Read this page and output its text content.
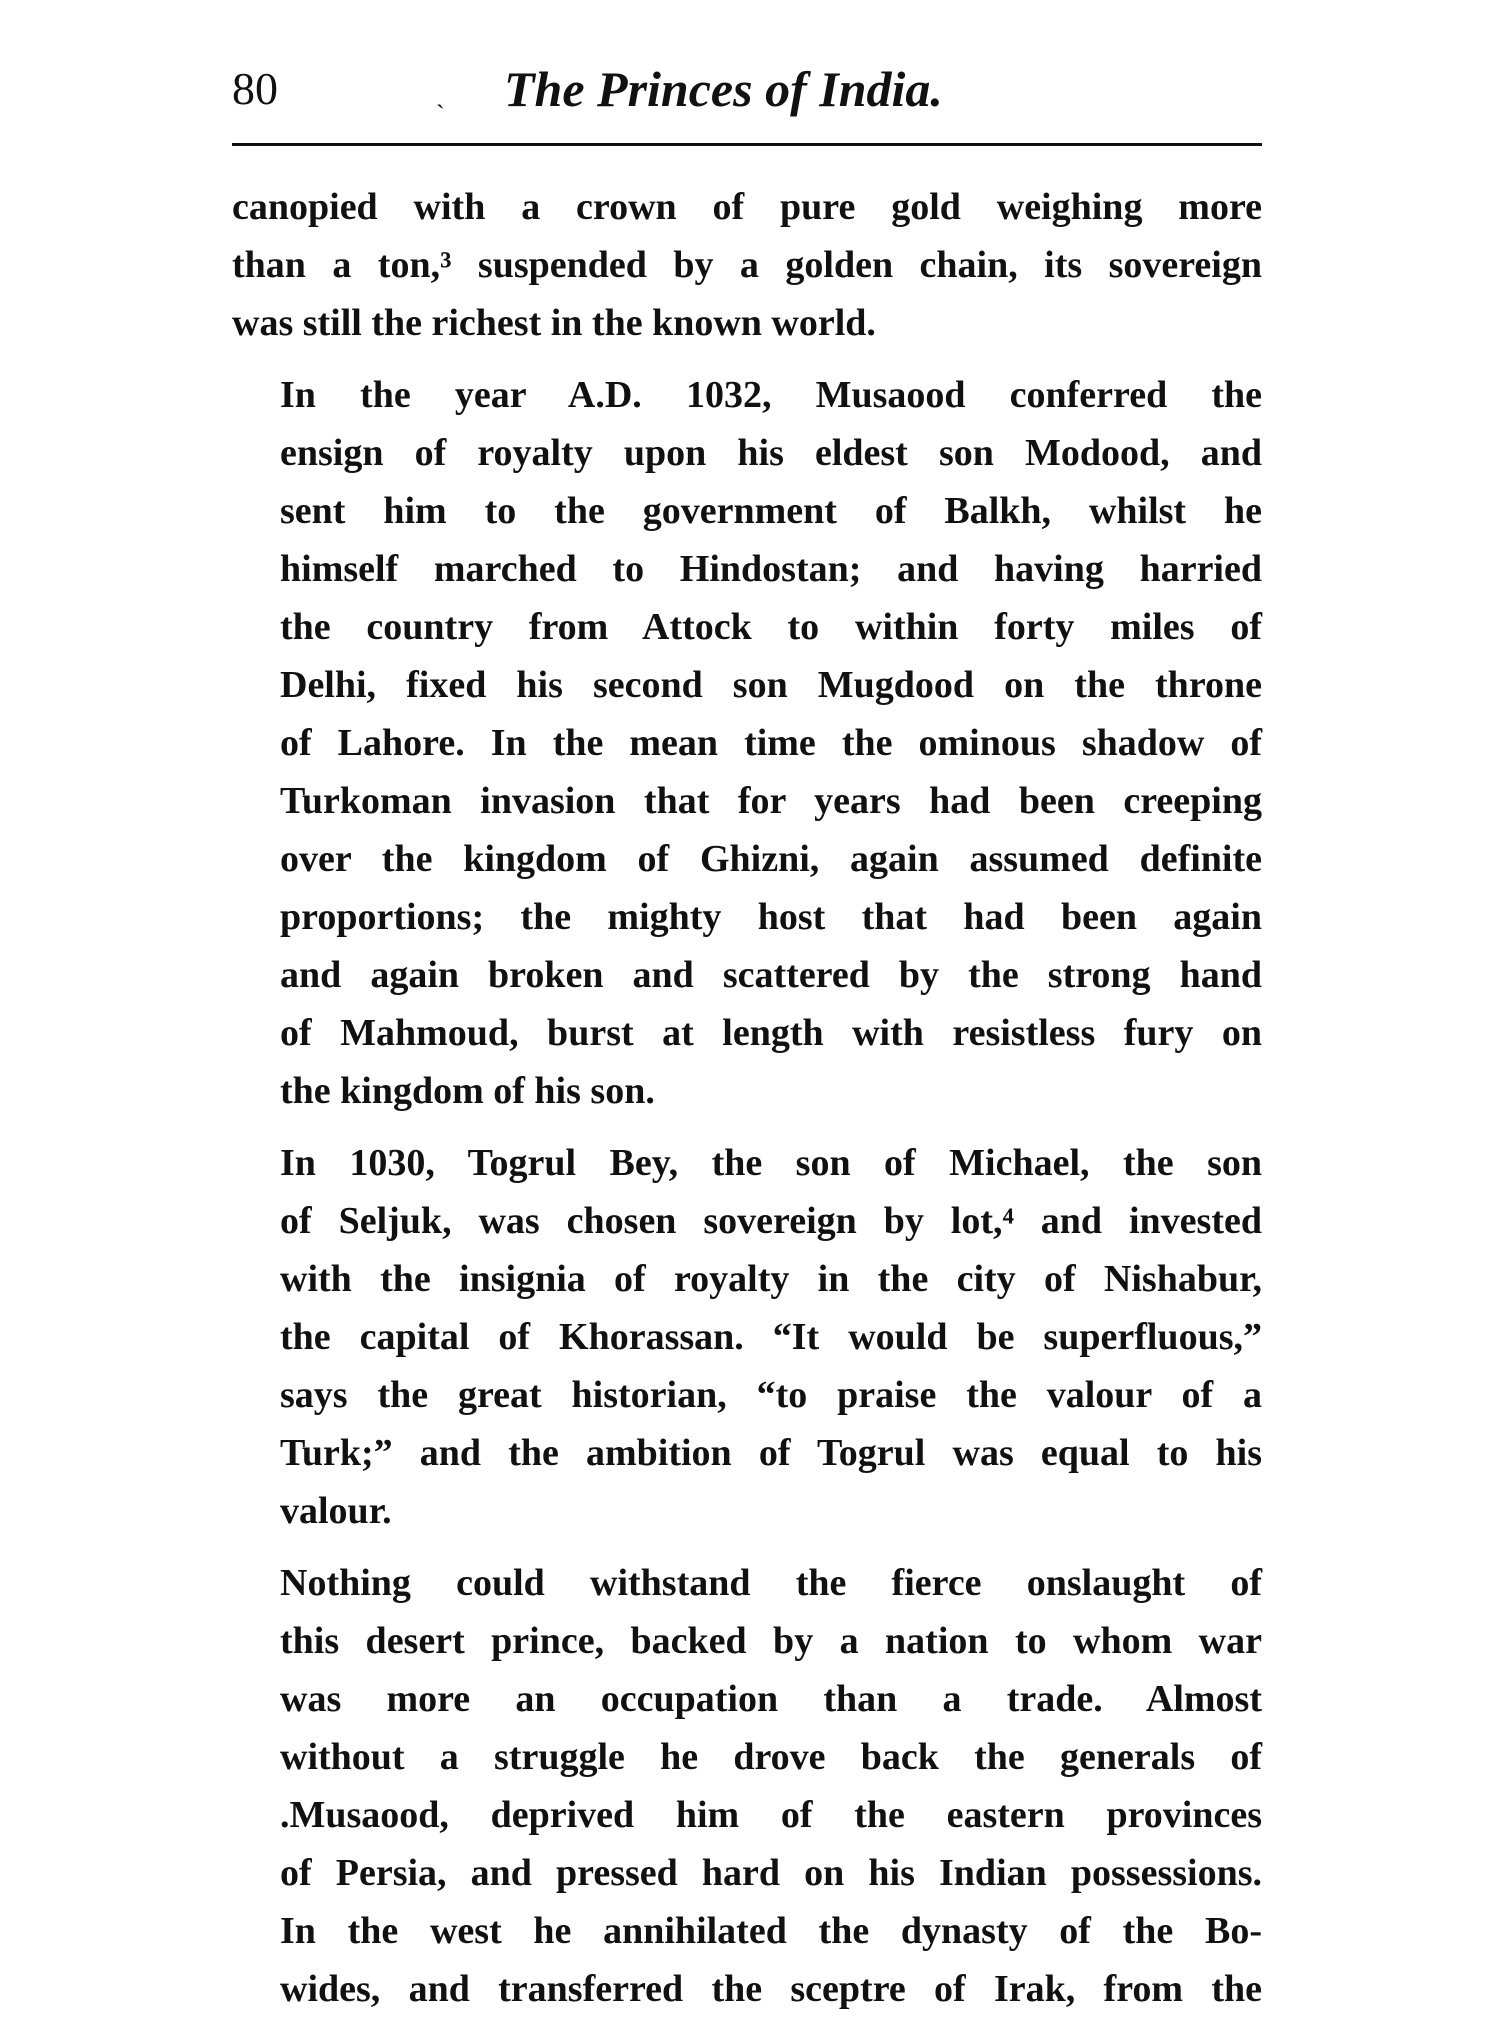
80	ˎ The Princes of India.

canopied with a crown of pure gold weighing more
than a ton,³ suspended by a golden chain, its sovereign
was still the richest in the known world.

In the year A.D. 1032, Musaood conferred the
ensign of royalty upon his eldest son Modood, and
sent him to the government of Balkh, whilst he
himself marched to Hindostan; and having harried
the country from Attock to within forty miles of
Delhi, fixed his second son Mugdood on the throne
of Lahore. In the mean time the ominous shadow of
Turkoman invasion that for years had been creeping
over the kingdom of Ghizni, again assumed definite
proportions; the mighty host that had been again
and again broken and scattered by the strong hand
of Mahmoud, burst at length with resistless fury on
the kingdom of his son.

In 1030, Togrul Bey, the son of Michael, the son
of Seljuk, was chosen sovereign by lot,⁴ and invested
with the insignia of royalty in the city of Nishabur,
the capital of Khorassan. “It would be superfluous,”
says the great historian, “to praise the valour of a
Turk;” and the ambition of Togrul was equal to his
valour.

Nothing could withstand the fierce onslaught of
this desert prince, backed by a nation to whom war
was more an occupation than a trade. Almost
without a struggle he drove back the generals of
.Musaood, deprived him of the eastern provinces
of Persia, and pressed hard on his Indian possessions.
In the west he annihilated the dynasty of the Bo-
wides, and transferred the sceptre of Irak, from the
